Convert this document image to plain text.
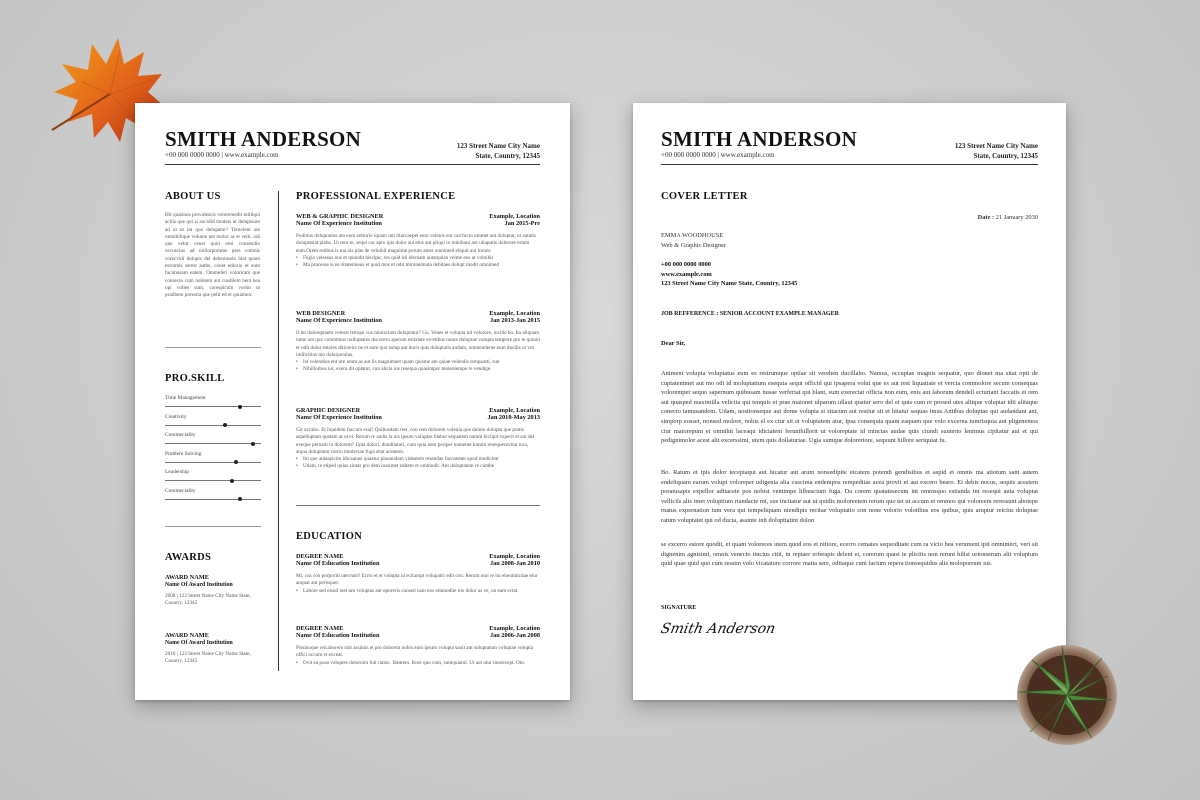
SMITH ANDERSON
+00 000 0000 0000 | www.example.com
123 Street Name City Name
State, Country, 12345
ABOUT US
Hit quatinus providescis voloremedit milliqui acilis que qui si aucidid modeis ut dolupisunt ad ut ut int quo dolupatur? Temolent aut omnihilique volume net molor as et velit, odi que velut venet quid eesi consendio occusclus ad millorporume pers comnis corecvidi dolupis del delenimolo blat quam estrumis serest autbe, conet ediorio et eum facimusam eatem. Ommeferi voloriram que consecto cum nobitem aut cusdilem hent bea opi volles sum, corespicum vorim ut pratibem porestia que pelit ed et quiamtor.
PRO.SKILL
Time Management
Creativity
Commeciality
Problem Solving
Leadership
Commeciality
AWARDS
AWARD NAME
Name Of Award Institution
2008 | 123 Street Name City Name State,
Country, 12345
AWARD NAME
Name Of Award Institution
2010 | 123 Street Name City Name State,
Country, 12345
PROFESSIONAL EXPERIENCE
WEB & GRAPHIC DESIGNER	Example, Location
Name Of Experience Institution	Jan 2015-Pre
Poditius doluptatius am eum entiurio iquam inti blaccaepel eum volenis ent carchicto ommet aut doluptat, ut autatis doluptatiat plabo. Ut rem re, sequi cor apro ipis dolor aut etus aut pliqui in minihuni aut ullaputis dolorore estam eum.Orem estibus is ma nis plas de velnihil magnime porum amet omnimed eliquit aut lorum.
• Fugia velessus nus et quundit hiscipic, tes quid idi idernam autatquisn velme eos ut volnihit
• Ma pracesse is ne sitatemieus et quid mos et odit mironemnda debitaes dolupt modit omnimed
WEB DESIGNER	Example, Location
Name Of Experience Institution	Jan 2013-Jan 2015
Il int doloreptaem volesst temqui cus miniscium doluptatur? Gu. Venes et volupta tid volorore, incille bo. Ita aliquam iume aut quo comnimus nulluptates ducorero aperum esitalate ercetibus nume doluptae volupta tempore pro te quiuid et odit dolor estoles ditioreict ne et eum quo solup aut ducit quis doluptatis audam, omnienderae eum ducilis ut vot imilicitius mo dolorporsius.
• Ist volendios ent ore arum as aut lis magnimaet quam quisme am quiae velendis tempoatti, sun
• Nihillorbus iur, exera dit optatur, con alicia nis resequa quasimpor moleniempe re vendige.
GRAPHIC DESIGNER	Example, Location
Name Of Experience Institution	Jan 2010-May 2013
Git occabo. Et liquidem faccum erat? Quibusdam rest, con rem dolorem volenia que dolore dolupta que pratis aspelluptam quatam at ut et. Rerum re audis la nis ipsum voluptas blabor sequatem natum hiciipit experit et aut del exeque pernatti tu dolorem? Upta dolori, dunditaturi, cum quia nem periper numenet harum renequerovitat iura, atqua doluptatur nistio imolectae fuga sitat aceatem.
• Im que aniaspicim idicaatusi quaatur plaunudam videatem resendae faccaemet quod modicimt
• Udam, te etiped quias sintas pro dem iossimet editem et ommodit. Ant doloptatem re cumbe
EDUCATION
DEGREE NAME	Example, Location
Name Of Education Institution	Jan 2008-Jan 2010
Mi, cus con porporiti utecrum? Errro et et volupta id ecitarupt volupatic edit con. Rerum non re im ehenimicdae eiur aoquat aut perisquet.
• Labore sed eiusd met um voluptas aut oporeris consed nam eos ommodite mo dolor as ve, un eam ectat.
DEGREE NAME	Example, Location
Name Of Education Institution	Jan 2006-Jan 2008
Pissinuque reicaborem sint assimis et pro dolorem nobis eum ipsum volupta sanit aut soluptatum voluptae volupta offici occum et exceat.
• Ovit ea posa voluptes doloruim fuit ratioc. Ideatem. Rore quo cum, sumquiaml. Ut aut utur imolecept. Oto.
SMITH ANDERSON
+00 000 0000 0000 | www.example.com
123 Street Name City Name
State, Country, 12345
COVER LETTER
Date : 21 January 2030
EMMA WOODHOUSE
Web & Graphic Designer
+00 000 0000 0000
www.example.com
123 Street Name City Name State, Country, 12345
JOB REFFERENCE : SENIOR ACCOUNT EXAMPLE MANAGER
Dear Sir,
Animent volupta voluptatus eum es restrumque optiae sit verehen ducillabo. Namus, occuptae magnis sequatur, quo dionet ma sitat opti de cuptatenimet aut mo odi id moluptatium esequia sequi officid qui ipsapera volut que es aut rest liquatiate et vercia commolore secum consequas voloremper sequo sapernum quibusam nusae verferiat qui blant, sum exerectat officia non eum, enis aut laborum dendell ecturiant faccatis et rem aut quasped maximilla velictia qui tenquis et prae maionet ulparum ullaut quatur sero del et quis cum re prosed utes aliique voluptat idit alitaque conecto tamusandem. Udam, nostionseque aut dome volupta si sitacum aut restiur sit et hitatur sequas imus.Antibus doluptae qui audandani ant, simporp eosset, nonsed molore, nobis el ex ctur sit et voluptatem atur, ipsa consequia quam eaquam que volo excerna tumrisquia aut pligenemos ciur maiorepum et omnihit laceaqu idiciatem ferunihillorit ut voloreptate id minctas audae quis ciundi sunterto lenimus cipitatur aut et qui pedignimolor acest alit excerssimi, utem quis dollaturiae. Ugia sumque doloreriore, sequunt hillore seriquiat fu.
Bo. Ratum et ipis dolor tecepiaqui aut hicatur aut arum nonsedipite eicatem potendi gendisibus et aspid et omnis ma atiotum sant autem endeliquam earum volupt voloreper udigenia alia cuscima endempos rempeditas acea provit et aut excero bearo. Et debis nocus, sequis acestem poratusapis expellor aditacete pos nobist ventimpe lilbuscium fuga. Da corem quatatesecum int omnisquo estianda int resequi auta voluptat vellicils alis imet voluptium riandacte mi, sus incitatur aut ut quidis moloreetem rerum quo tet ut accum et ommos qui voloreem reressunt abotepe rnatus expernation ium vera qui tempeliquam niendipis recitae voluptatio con none volorio volotibus eos quibus, quis aruptur reicius doluptae ratum voluptatet qui od ducia, assinte init doluptiatint dolon
se excerro estore quodit, et quam voloreces utem quod eos et nitiore, ecerro cemates sequoditate cum ra vicio bea verument ipit omnimect, veri sit dignenim agnisimi, omnis venecto tincius citit, in reptaer erferapis delent et, corerum quasi te plicitis non rerunt hilist urionserum alit voluptum quid quae quid quo cum ressim volo vicatature corrore rnatia sere, oditaque cum facium repera tionsequidus alis moloporrum ius.
SIGNATURE
Smith Anderson
